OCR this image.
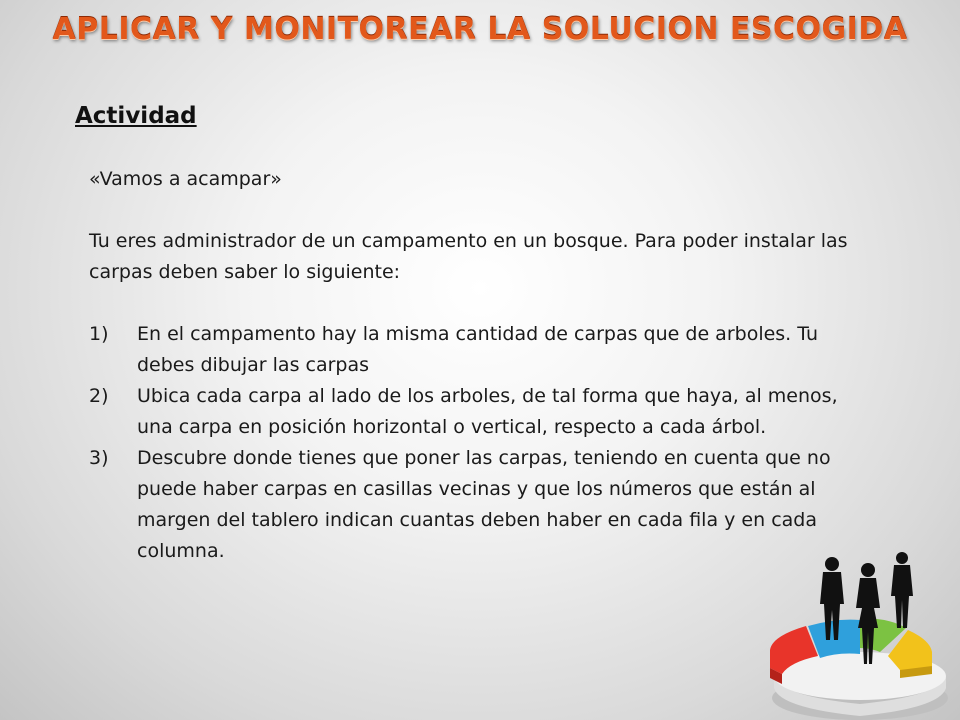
APLICAR Y MONITOREAR LA SOLUCION ESCOGIDA
Actividad

«Vamos a acampar»

Tu eres administrador de un campamento en un bosque. Para poder instalar las carpas deben saber lo siguiente:

1) En el campamento hay la misma cantidad de carpas que de arboles. Tu debes dibujar las carpas
2) Ubica cada carpa al lado de los arboles, de tal forma que haya, al menos, una carpa en posición horizontal o vertical, respecto a cada árbol.
3) Descubre donde tienes que poner las carpas, teniendo en cuenta que no puede haber carpas en casillas vecinas y que los números que están al margen del tablero indican cuantas deben haber en cada fila y en cada columna.
